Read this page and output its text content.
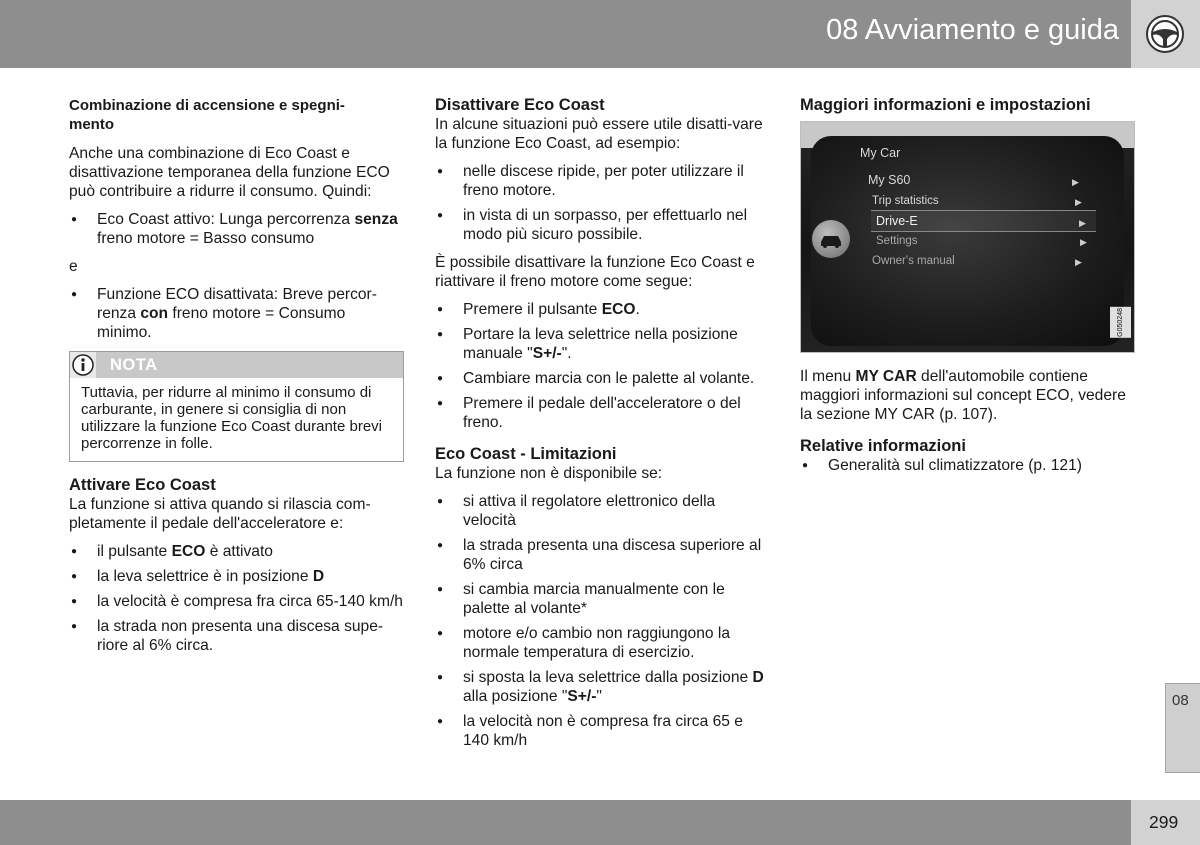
08 Avviamento e guida
Combinazione di accensione e spegni-
mento

Anche una combinazione di Eco Coast e disattivazione temporanea della funzione ECO può contribuire a ridurre il consumo. Quindi:

● Eco Coast attivo: Lunga percorrenza senza freno motore = Basso consumo

e

● Funzione ECO disattivata: Breve percor-renza con freno motore = Consumo minimo.
NOTA
Tuttavia, per ridurre al minimo il consumo di carburante, in genere si consiglia di non utilizzare la funzione Eco Coast durante brevi percorrenze in folle.
Attivare Eco Coast

La funzione si attiva quando si rilascia com-pletamente il pedale dell'acceleratore e:

● il pulsante ECO è attivato
● la leva selettrice è in posizione D
● la velocità è compresa fra circa 65-140 km/h
● la strada non presenta una discesa supe-riore al 6% circa.
Disattivare Eco Coast

In alcune situazioni può essere utile disatti-vare la funzione Eco Coast, ad esempio:

● nelle discese ripide, per poter utilizzare il freno motore.
● in vista di un sorpasso, per effettuarlo nel modo più sicuro possibile.

È possibile disattivare la funzione Eco Coast e riattivare il freno motore come segue:

● Premere il pulsante ECO.
● Portare la leva selettrice nella posizione manuale "S+/-".
● Cambiare marcia con le palette al volante.
● Premere il pedale dell'acceleratore o del freno.
Eco Coast - Limitazioni

La funzione non è disponibile se:

● si attiva il regolatore elettronico della velocità
● la strada presenta una discesa superiore al 6% circa
● si cambia marcia manualmente con le palette al volante*
● motore e/o cambio non raggiungono la normale temperatura di esercizio.
● si sposta la leva selettrice dalla posizione D alla posizione "S+/-"
● la velocità non è compresa fra circa 65 e 140 km/h
Maggiori informazioni e impostazioni
My Car
My S60	▶
Trip statistics	▶
Drive-E	▶
Settings	▶
Owner's manual	▶
G050248

Il menu MY CAR dell'automobile contiene maggiori informazioni sul concept ECO, vedere la sezione MY CAR (p. 107).

Relative informazioni
● Generalità sul climatizzatore (p. 121)
08
299
